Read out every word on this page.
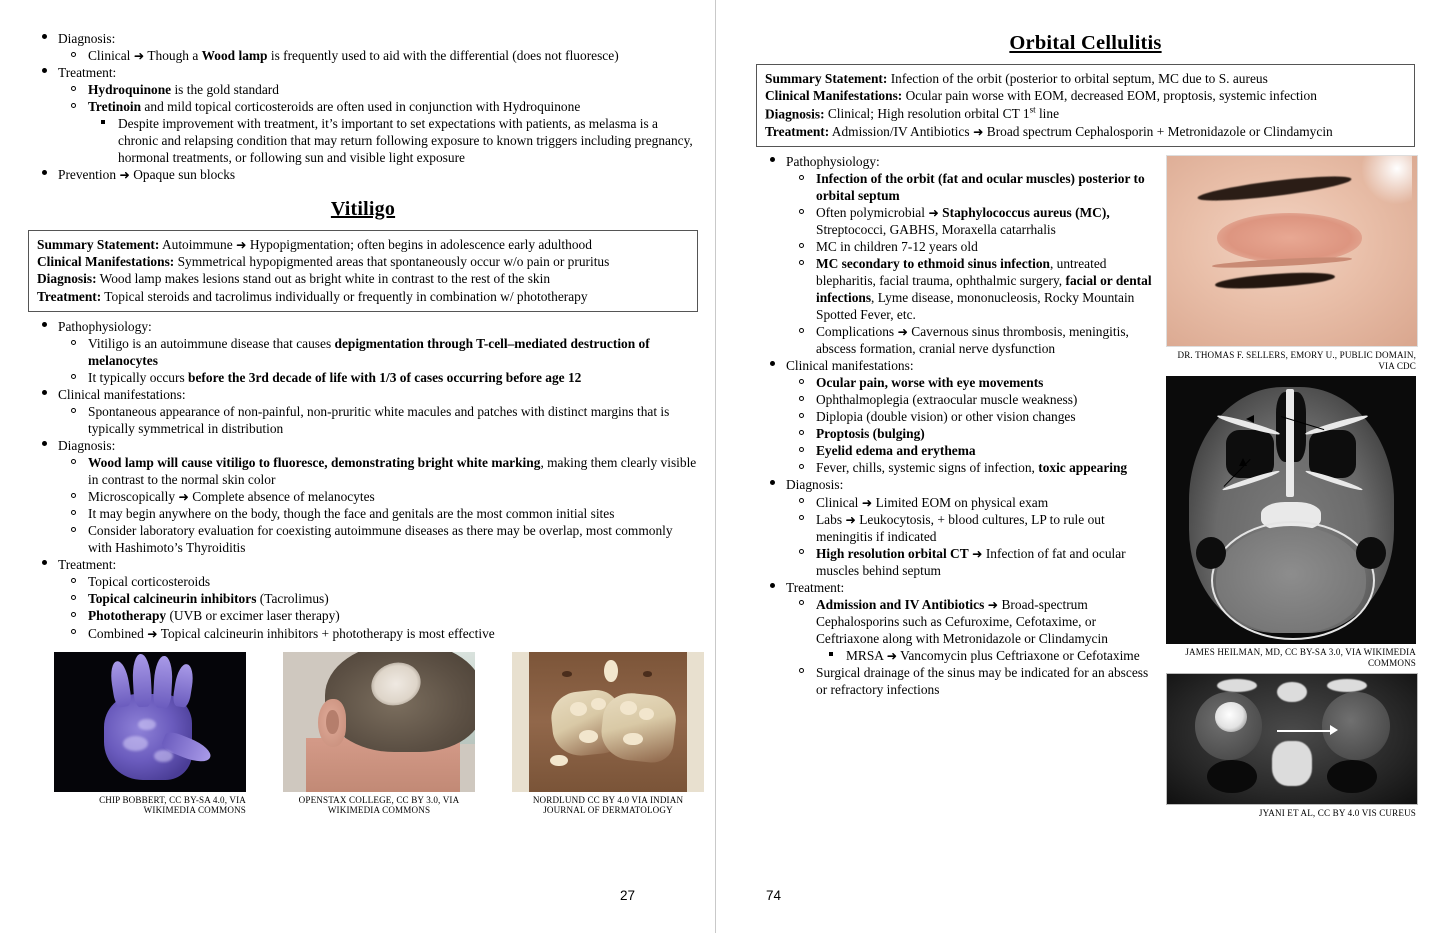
Diagnosis:
Clinical ➜ Though a Wood lamp is frequently used to aid with the differential (does not fluoresce)
Treatment:
Hydroquinone is the gold standard
Tretinoin and mild topical corticosteroids are often used in conjunction with Hydroquinone
Despite improvement with treatment, it’s important to set expectations with patients, as melasma is a chronic and relapsing condition that may return following exposure to known triggers including pregnancy, hormonal treatments, or following sun and visible light exposure
Prevention ➜ Opaque sun blocks
Vitiligo
Summary Statement: Autoimmune ➜ Hypopigmentation; often begins in adolescence early adulthood
Clinical Manifestations: Symmetrical hypopigmented areas that spontaneously occur w/o pain or pruritus
Diagnosis: Wood lamp makes lesions stand out as bright white in contrast to the rest of the skin
Treatment: Topical steroids and tacrolimus individually or frequently in combination w/ phototherapy
Pathophysiology:
Vitiligo is an autoimmune disease that causes depigmentation through T-cell–mediated destruction of melanocytes
It typically occurs before the 3rd decade of life with 1/3 of cases occurring before age 12
Clinical manifestations:
Spontaneous appearance of non-painful, non-pruritic white macules and patches with distinct margins that is typically symmetrical in distribution
Diagnosis:
Wood lamp will cause vitiligo to fluoresce, demonstrating bright white marking, making them clearly visible in contrast to the normal skin color
Microscopically ➜ Complete absence of melanocytes
It may begin anywhere on the body, though the face and genitals are the most common initial sites
Consider laboratory evaluation for coexisting autoimmune diseases as there may be overlap, most commonly with Hashimoto’s Thyroiditis
Treatment:
Topical corticosteroids
Topical calcineurin inhibitors (Tacrolimus)
Phototherapy (UVB or excimer laser therapy)
Combined ➜ Topical calcineurin inhibitors + phototherapy is most effective
CHIP BOBBERT, CC BY-SA 4.0, VIA WIKIMEDIA COMMONS
OPENSTAX COLLEGE, CC BY 3.0, VIA WIKIMEDIA COMMONS
NORDLUND CC BY 4.0 VIA INDIAN JOURNAL OF DERMATOLOGY
27
Orbital Cellulitis
Summary Statement: Infection of the orbit (posterior to orbital septum, MC due to S. aureus
Clinical Manifestations: Ocular pain worse with EOM, decreased EOM, proptosis, systemic infection
Diagnosis: Clinical; High resolution orbital CT 1st line
Treatment: Admission/IV Antibiotics ➜ Broad spectrum Cephalosporin + Metronidazole or Clindamycin
Pathophysiology:
Infection of the orbit (fat and ocular muscles) posterior to orbital septum
Often polymicrobial ➜ Staphylococcus aureus (MC), Streptococci, GABHS, Moraxella catarrhalis
MC in children 7-12 years old
MC secondary to ethmoid sinus infection, untreated blepharitis, facial trauma, ophthalmic surgery, facial or dental infections, Lyme disease, mononucleosis, Rocky Mountain Spotted Fever, etc.
Complications ➜ Cavernous sinus thrombosis, meningitis, abscess formation, cranial nerve dysfunction
Clinical manifestations:
Ocular pain, worse with eye movements
Ophthalmoplegia (extraocular muscle weakness)
Diplopia (double vision) or other vision changes
Proptosis (bulging)
Eyelid edema and erythema
Fever, chills, systemic signs of infection, toxic appearing
Diagnosis:
Clinical ➜ Limited EOM on physical exam
Labs ➜ Leukocytosis, + blood cultures, LP to rule out meningitis if indicated
High resolution orbital CT ➜ Infection of fat and ocular muscles behind septum
Treatment:
Admission and IV Antibiotics ➜ Broad-spectrum Cephalosporins such as Cefuroxime, Cefotaxime, or Ceftriaxone along with Metronidazole or Clindamycin
MRSA ➜ Vancomycin plus Ceftriaxone or Cefotaxime
Surgical drainage of the sinus may be indicated for an abscess or refractory infections
DR. THOMAS F. SELLERS, EMORY U., PUBLIC DOMAIN, VIA CDC
JAMES HEILMAN, MD, CC BY-SA 3.0, VIA WIKIMEDIA COMMONS
JYANI ET AL, CC BY 4.0 VIS CUREUS
74
